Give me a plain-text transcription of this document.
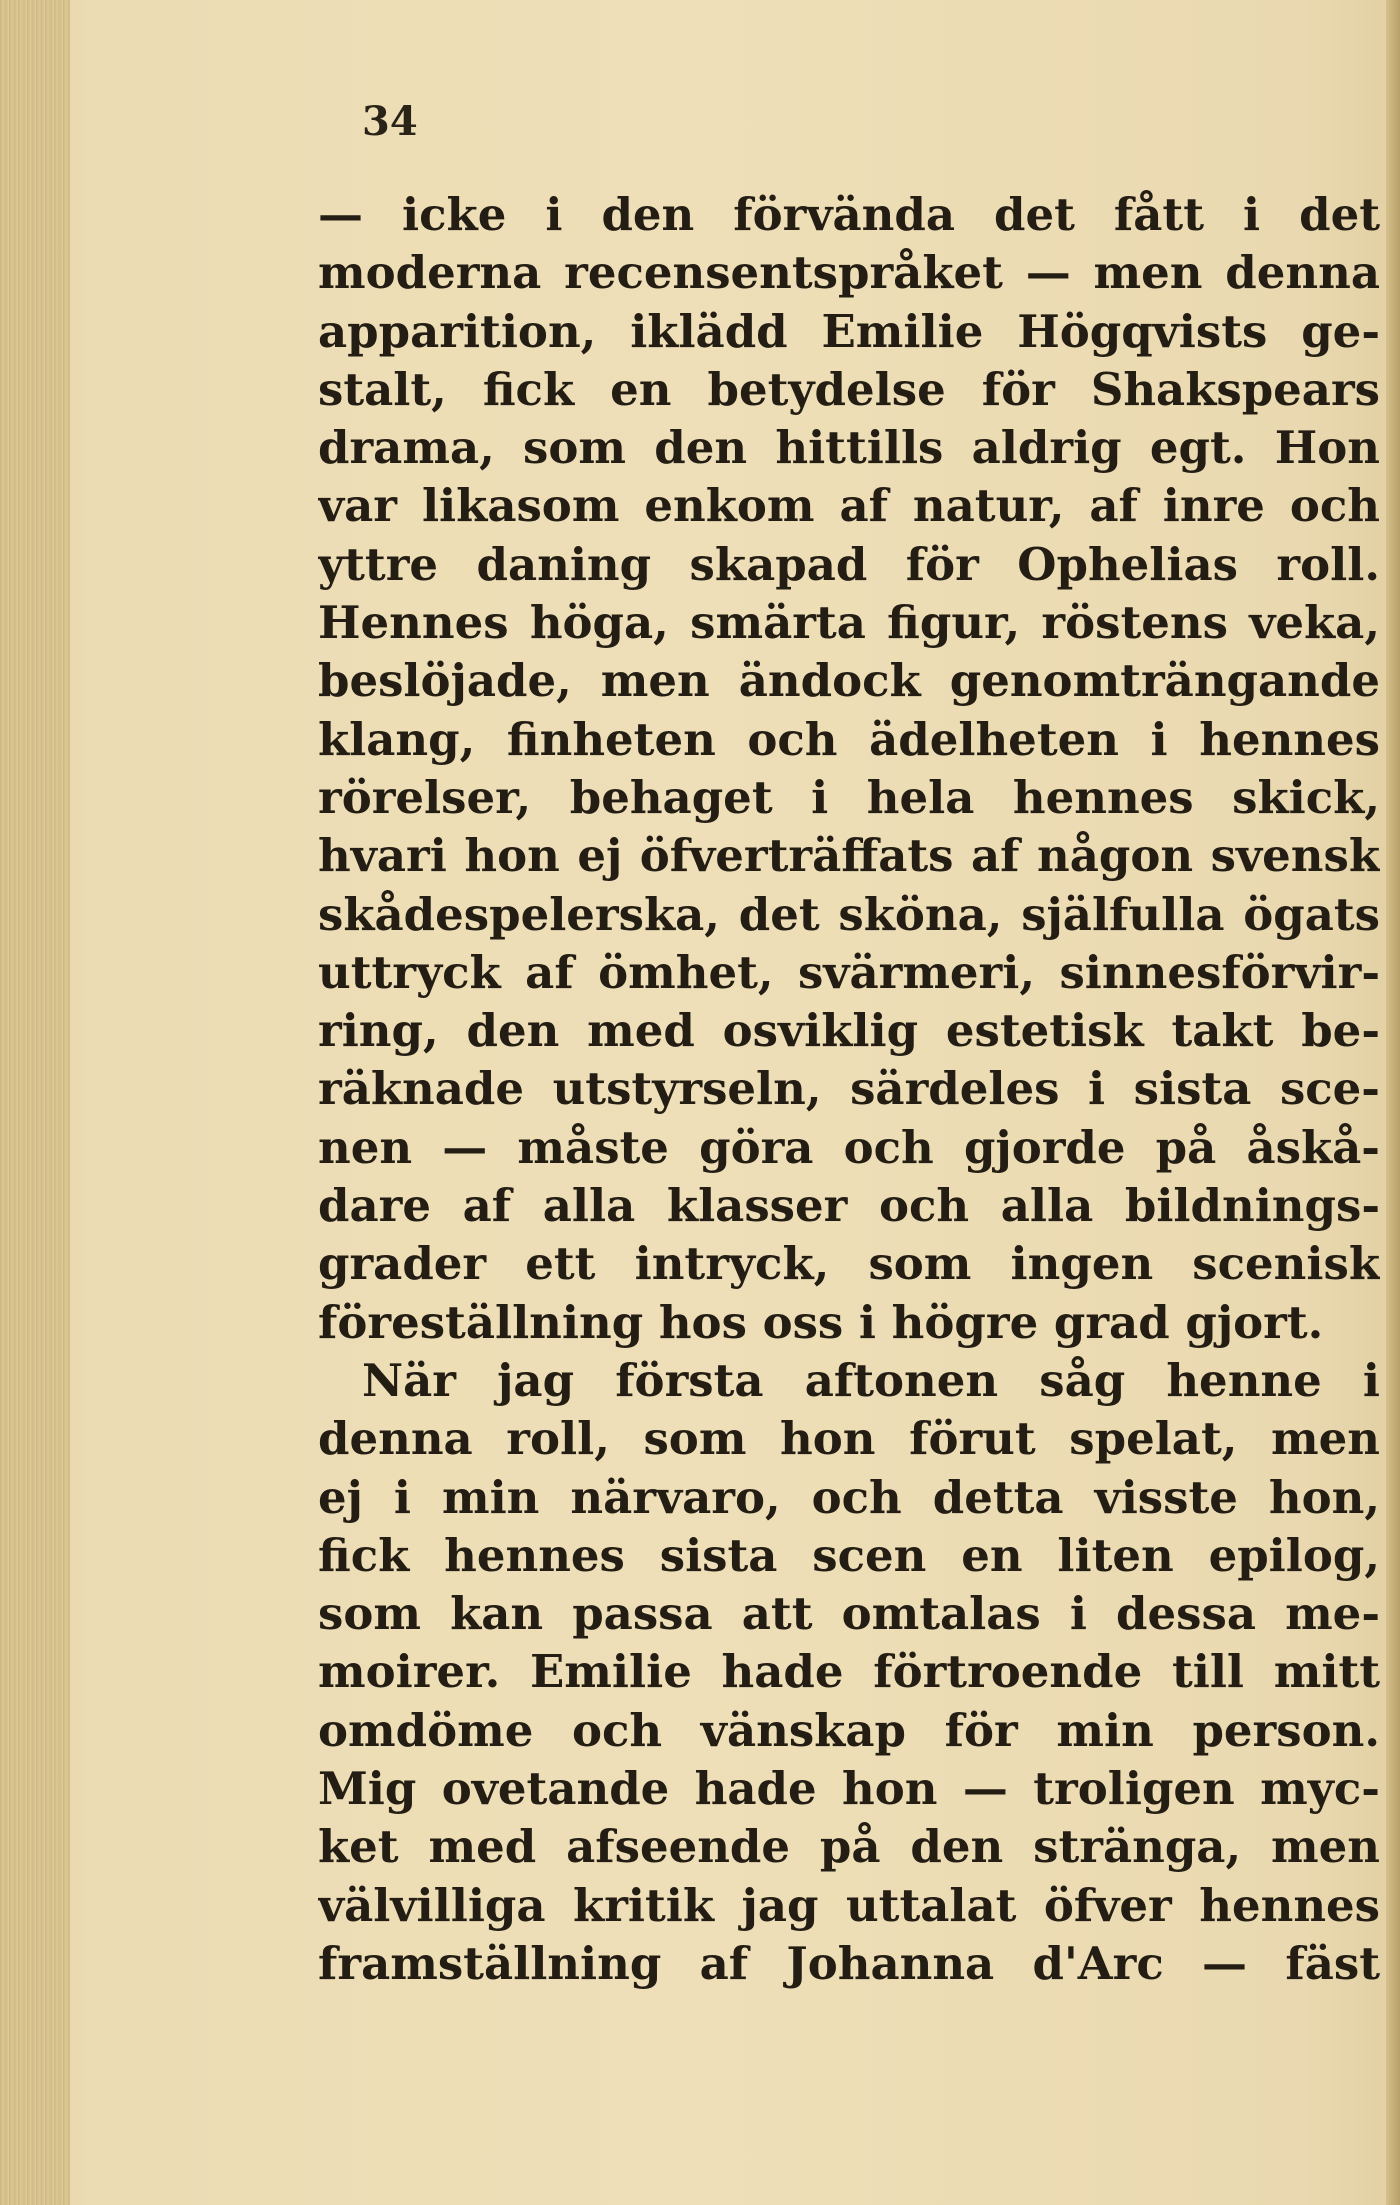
34
— icke i den förvända det fått i det
moderna recensentspråket — men denna
apparition, iklädd Emilie Högqvists ge-
stalt, fick en betydelse för Shakspears
drama, som den hittills aldrig egt. Hon
var likasom enkom af natur, af inre och
yttre daning skapad för Ophelias roll.
Hennes höga, smärta figur, röstens veka,
beslöjade, men ändock genomträngande
klang, finheten och ädelheten i hennes
rörelser, behaget i hela hennes skick,
hvari hon ej öfverträffats af någon svensk
skådespelerska, det sköna, själfulla ögats
uttryck af ömhet, svärmeri, sinnesförvir-
ring, den med osviklig estetisk takt be-
räknade utstyrseln, särdeles i sista sce-
nen — måste göra och gjorde på åskå-
dare af alla klasser och alla bildnings-
grader ett intryck, som ingen scenisk
föreställning hos oss i högre grad gjort.
När jag första aftonen såg henne i
denna roll, som hon förut spelat, men
ej i min närvaro, och detta visste hon,
fick hennes sista scen en liten epilog,
som kan passa att omtalas i dessa me-
moirer. Emilie hade förtroende till mitt
omdöme och vänskap för min person.
Mig ovetande hade hon — troligen myc-
ket med afseende på den stränga, men
välvilliga kritik jag uttalat öfver hennes
framställning af Johanna d'Arc — fäst
